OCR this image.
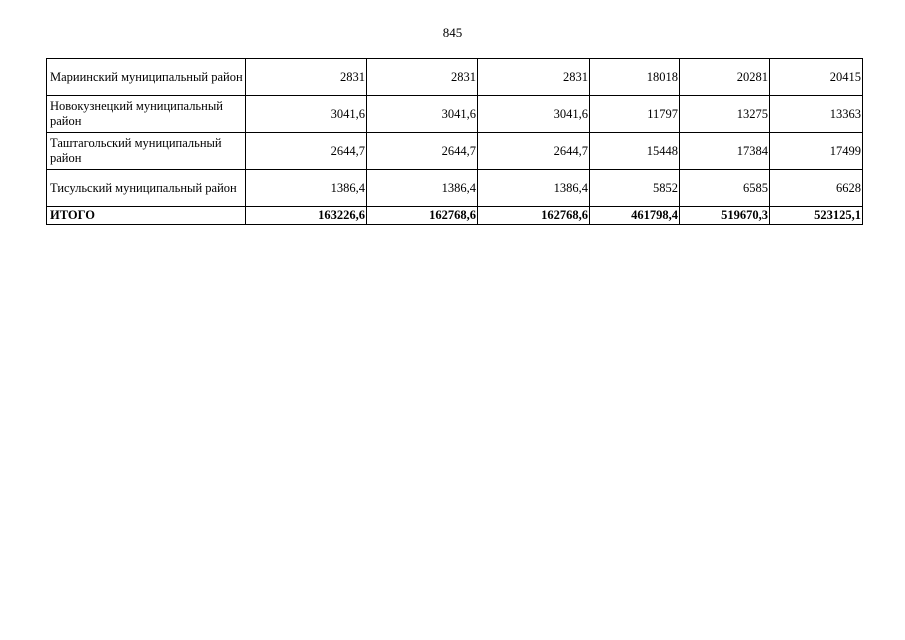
845
Мариинский муниципальный район	2831	2831	2831	18018	20281	20415
Новокузнецкий муниципальный район	3041,6	3041,6	3041,6	11797	13275	13363
Таштагольский муниципальный район	2644,7	2644,7	2644,7	15448	17384	17499
Тисульский муниципальный район	1386,4	1386,4	1386,4	5852	6585	6628
ИТОГО	163226,6	162768,6	162768,6	461798,4	519670,3	523125,1
